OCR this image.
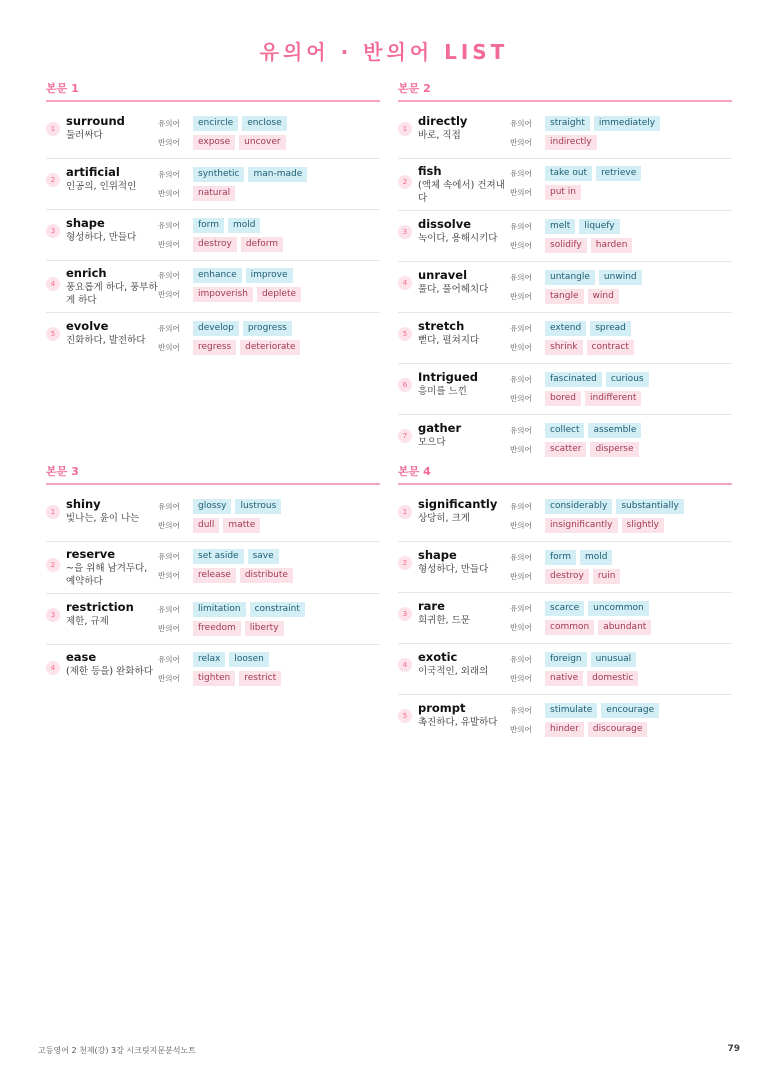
유의어 · 반의어 LIST
본문 1
1
surround
둘러싸다
유의어	encircle	enclose
반의어	expose	uncover
2
artificial
인공의, 인위적인
유의어	synthetic	man-made
반의어	natural
3
shape
형성하다, 만들다
유의어	form	mold
반의어	destroy	deform
4
enrich
풍요롭게 하다, 풍부하게 하다
유의어	enhance	improve
반의어	impoverish	deplete
5
evolve
진화하다, 발전하다
유의어	develop	progress
반의어	regress	deteriorate
본문 2
1
directly
바로, 직접
유의어	straight	immediately
반의어	indirectly
2
fish
(액체 속에서) 건져내다
유의어	take out	retrieve
반의어	put in
3
dissolve
녹이다, 용해시키다
유의어	melt	liquefy
반의어	solidify	harden
4
unravel
풀다, 풀어헤치다
유의어	untangle	unwind
반의어	tangle	wind
5
stretch
뻗다, 펼쳐지다
유의어	extend	spread
반의어	shrink	contract
6
Intrigued
흥미를 느낀
유의어	fascinated	curious
반의어	bored	indifferent
7
gather
모으다
유의어	collect	assemble
반의어	scatter	disperse
본문 3
1
shiny
빛나는, 윤이 나는
유의어	glossy	lustrous
반의어	dull	matte
2
reserve
~을 위해 남겨두다, 예약하다
유의어	set aside	save
반의어	release	distribute
3
restriction
제한, 규제
유의어	limitation	constraint
반의어	freedom	liberty
4
ease
(제한 등을) 완화하다
유의어	relax	loosen
반의어	tighten	restrict
본문 4
1
significantly
상당히, 크게
유의어	considerably	substantially
반의어	insignificantly	slightly
2
shape
형성하다, 만들다
유의어	form	mold
반의어	destroy	ruin
3
rare
희귀한, 드문
유의어	scarce	uncommon
반의어	common	abundant
4
exotic
이국적인, 외래의
유의어	foreign	unusual
반의어	native	domestic
5
prompt
촉진하다, 유발하다
유의어	stimulate	encourage
반의어	hinder	discourage
고등영어 2 천재(강) 3강 시크릿지문분석노트	79
